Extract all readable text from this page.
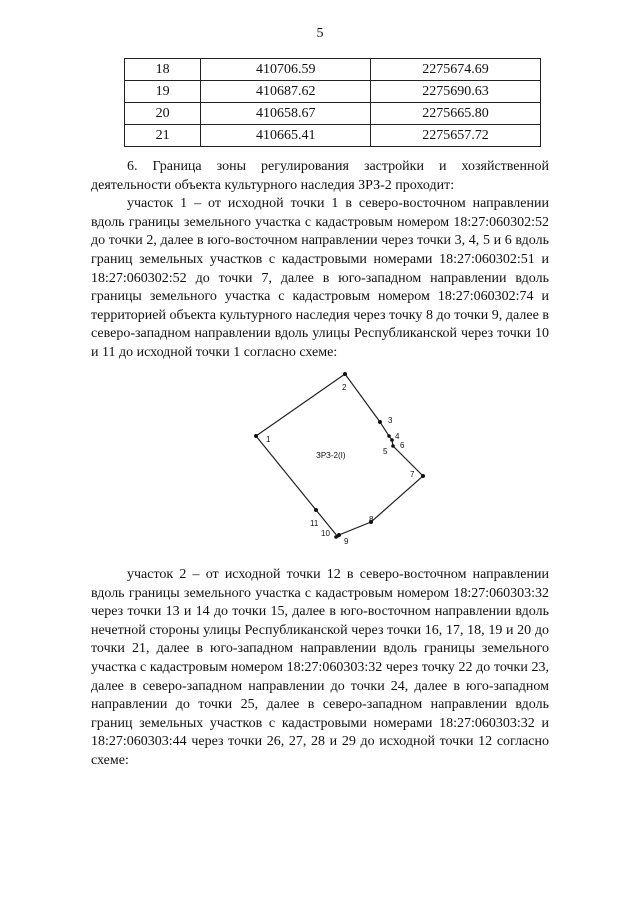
5
18	410706.59	2275674.69
19	410687.62	2275690.63
20	410658.67	2275665.80
21	410665.41	2275657.72

6. Граница зоны регулирования застройки и хозяйственной деятельности объекта культурного наследия ЗРЗ-2 проходит:

участок 1 – от исходной точки 1 в северо-восточном направлении вдоль границы земельного участка с кадастровым номером 18:27:060302:52 до точки 2, далее в юго-восточном направлении через точки 3, 4, 5 и 6 вдоль границ земельных участков с кадастровыми номерами 18:27:060302:51 и 18:27:060302:52 до точки 7, далее в юго-западном направлении вдоль границы земельного участка с кадастровым номером 18:27:060302:74 и территорией объекта культурного наследия через точку 8 до точки 9, далее в северо-западном направлении вдоль улицы Республиканской через точки 10 и 11 до исходной точки 1 согласно схеме:

ЗРЗ-2(I)
1
2
3
4
5
6
7
8
9
10
11

участок 2 – от исходной точки 12 в северо-восточном направлении вдоль границы земельного участка с кадастровым номером 18:27:060303:32 через точки 13 и 14 до точки 15, далее в юго-восточном направлении вдоль нечетной стороны улицы Республиканской через точки 16, 17, 18, 19 и 20 до точки 21, далее в юго-западном направлении вдоль границы земельного участка с кадастровым номером 18:27:060303:32 через точку 22 до точки 23, далее в северо-западном направлении до точки 24, далее в юго-западном направлении до точки 25, далее в северо-западном направлении вдоль границ земельных участков с кадастровыми номерами 18:27:060303:32 и 18:27:060303:44 через точки 26, 27, 28 и 29 до исходной точки 12 согласно схеме:
